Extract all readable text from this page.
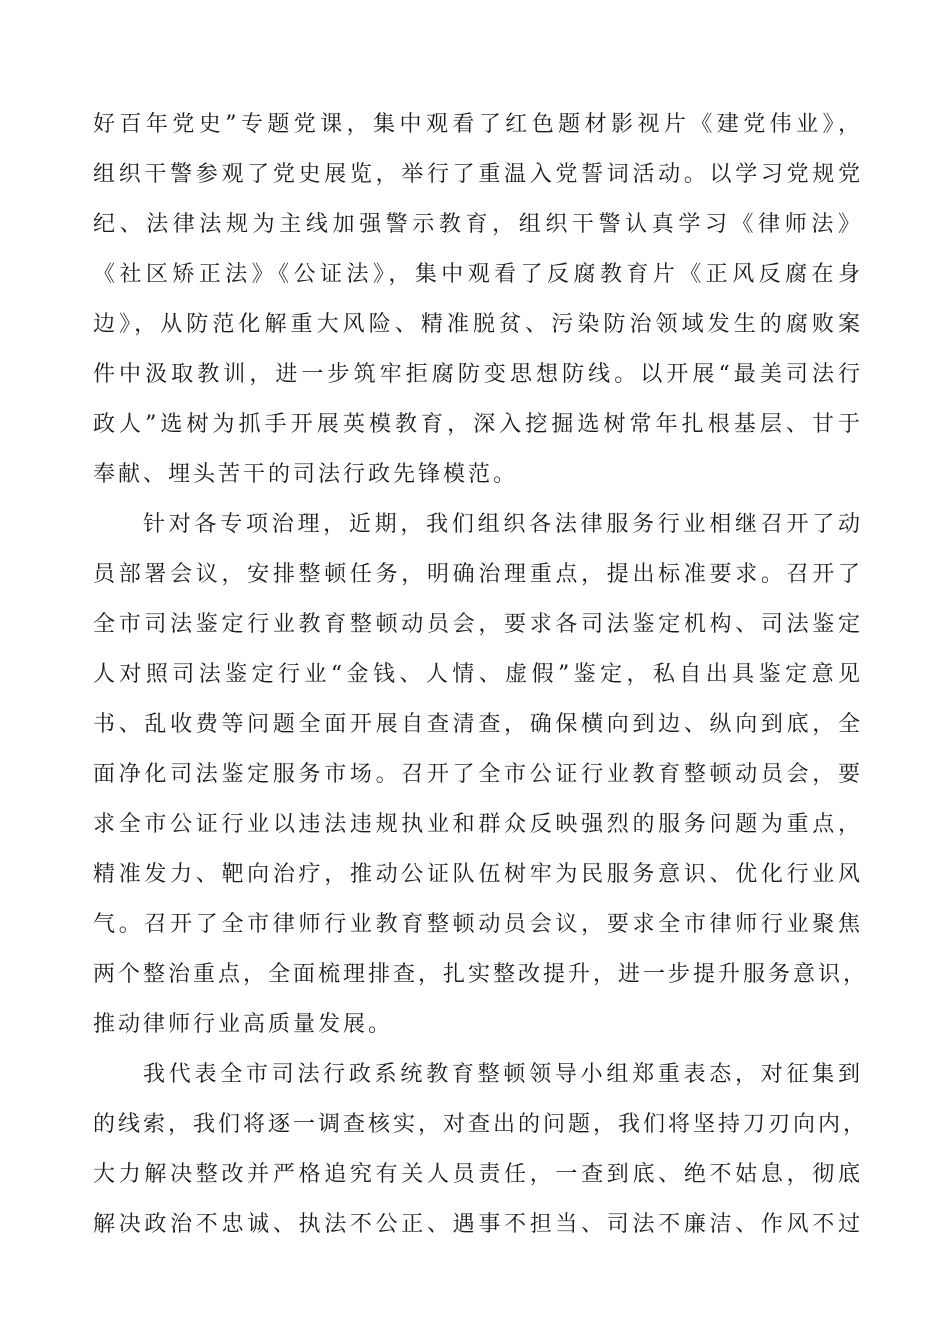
好百年党史”专题党课，集中观看了红色题材影视片《建党伟业》，
组织干警参观了党史展览，举行了重温入党誓词活动。以学习党规党
纪、法律法规为主线加强警示教育，组织干警认真学习《律师法》
《社区矫正法》《公证法》，集中观看了反腐教育片《正风反腐在身
边》，从防范化解重大风险、精准脱贫、污染防治领域发生的腐败案
件中汲取教训，进一步筑牢拒腐防变思想防线。以开展“最美司法行
政人”选树为抓手开展英模教育，深入挖掘选树常年扎根基层、甘于
奉献、埋头苦干的司法行政先锋模范。
针对各专项治理，近期，我们组织各法律服务行业相继召开了动
员部署会议，安排整顿任务，明确治理重点，提出标准要求。召开了
全市司法鉴定行业教育整顿动员会，要求各司法鉴定机构、司法鉴定
人对照司法鉴定行业“金钱、人情、虚假”鉴定，私自出具鉴定意见
书、乱收费等问题全面开展自查清查，确保横向到边、纵向到底，全
面净化司法鉴定服务市场。召开了全市公证行业教育整顿动员会，要
求全市公证行业以违法违规执业和群众反映强烈的服务问题为重点，
精准发力、靶向治疗，推动公证队伍树牢为民服务意识、优化行业风
气。召开了全市律师行业教育整顿动员会议，要求全市律师行业聚焦
两个整治重点，全面梳理排查，扎实整改提升，进一步提升服务意识，
推动律师行业高质量发展。
我代表全市司法行政系统教育整顿领导小组郑重表态，对征集到
的线索，我们将逐一调查核实，对查出的问题，我们将坚持刀刃向内，
大力解决整改并严格追究有关人员责任，一查到底、绝不姑息，彻底
解决政治不忠诚、执法不公正、遇事不担当、司法不廉洁、作风不过
